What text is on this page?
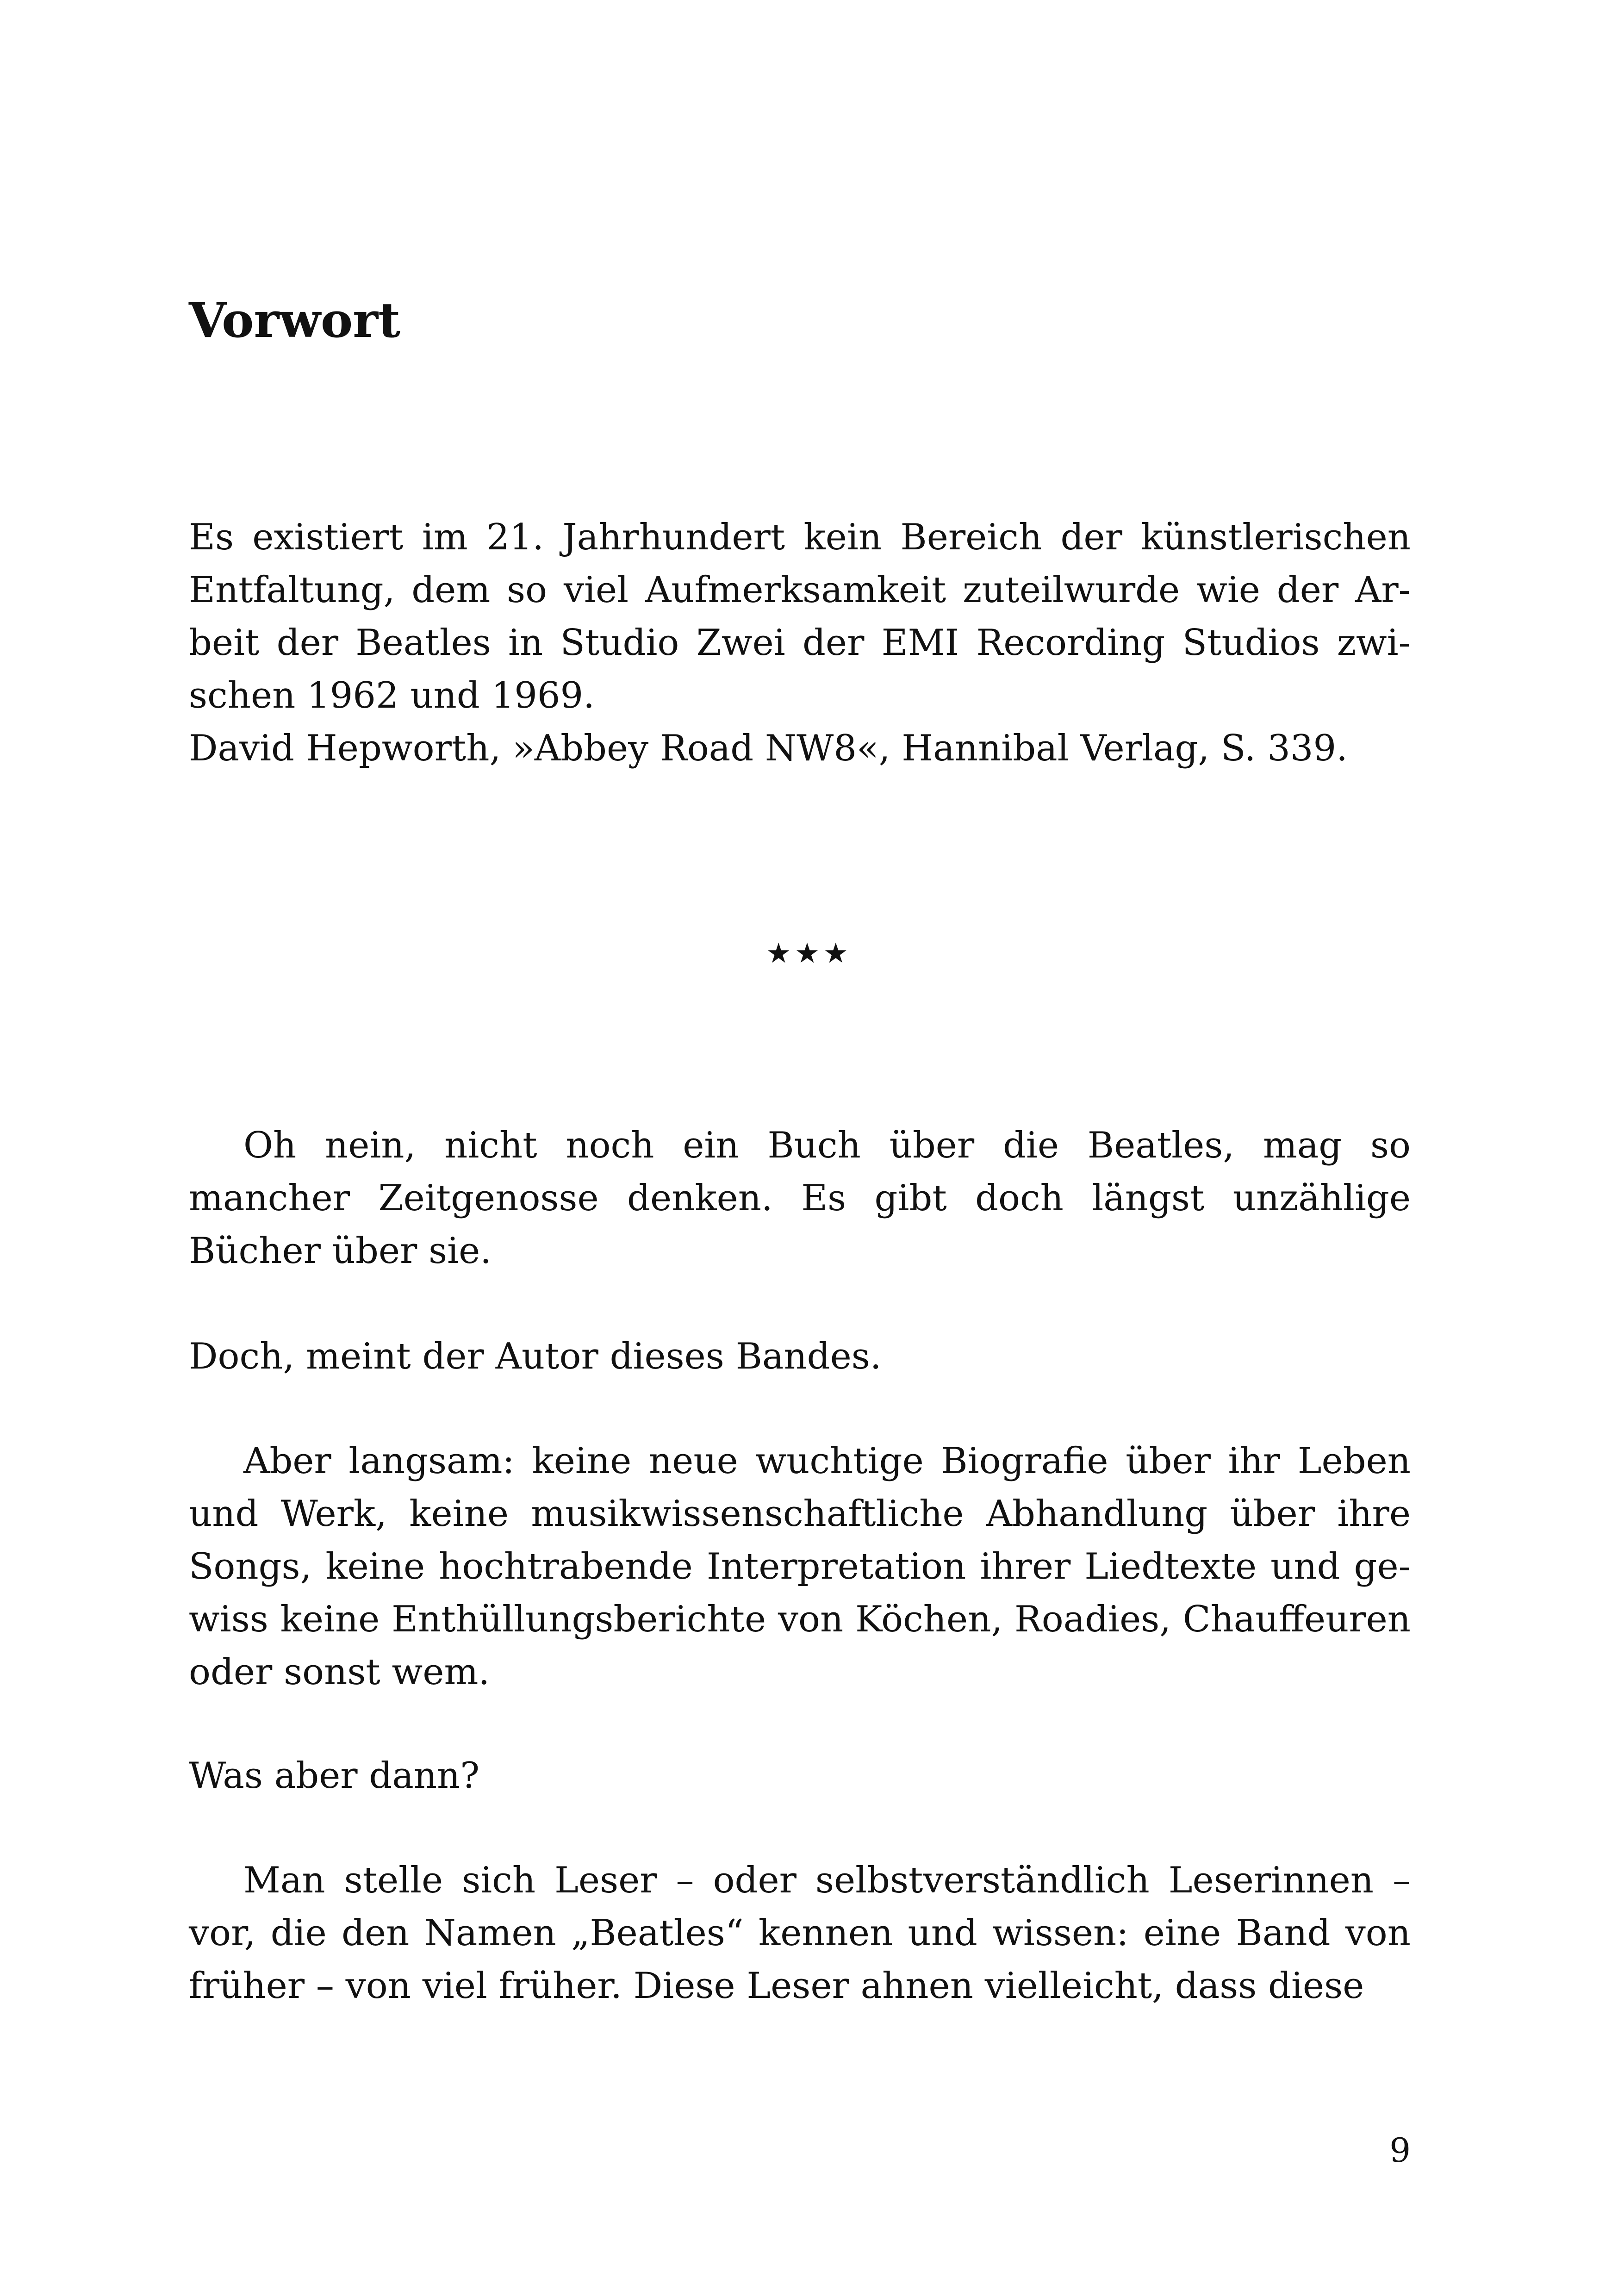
Vorwort

Es existiert im 21. Jahrhundert kein Bereich der künstlerischen Entfaltung, dem so viel Aufmerksamkeit zuteilwurde wie der Arbeit der Beatles in Studio Zwei der EMI Recording Studios zwischen 1962 und 1969.

David Hepworth, »Abbey Road NW8«, Hannibal Verlag, S. 339.

★★★

Oh nein, nicht noch ein Buch über die Beatles, mag so mancher Zeitgenosse denken. Es gibt doch längst unzählige Bücher über sie.

Doch, meint der Autor dieses Bandes.

Aber langsam: keine neue wuchtige Biografie über ihr Leben und Werk, keine musikwissenschaftliche Abhandlung über ihre Songs, keine hochtrabende Interpretation ihrer Liedtexte und gewiss keine Enthüllungsberichte von Köchen, Roadies, Chauffeuren oder sonst wem.

Was aber dann?

Man stelle sich Leser – oder selbstverständlich Leserinnen – vor, die den Namen „Beatles“ kennen und wissen: eine Band von früher – von viel früher. Diese Leser ahnen vielleicht, dass diese

9
